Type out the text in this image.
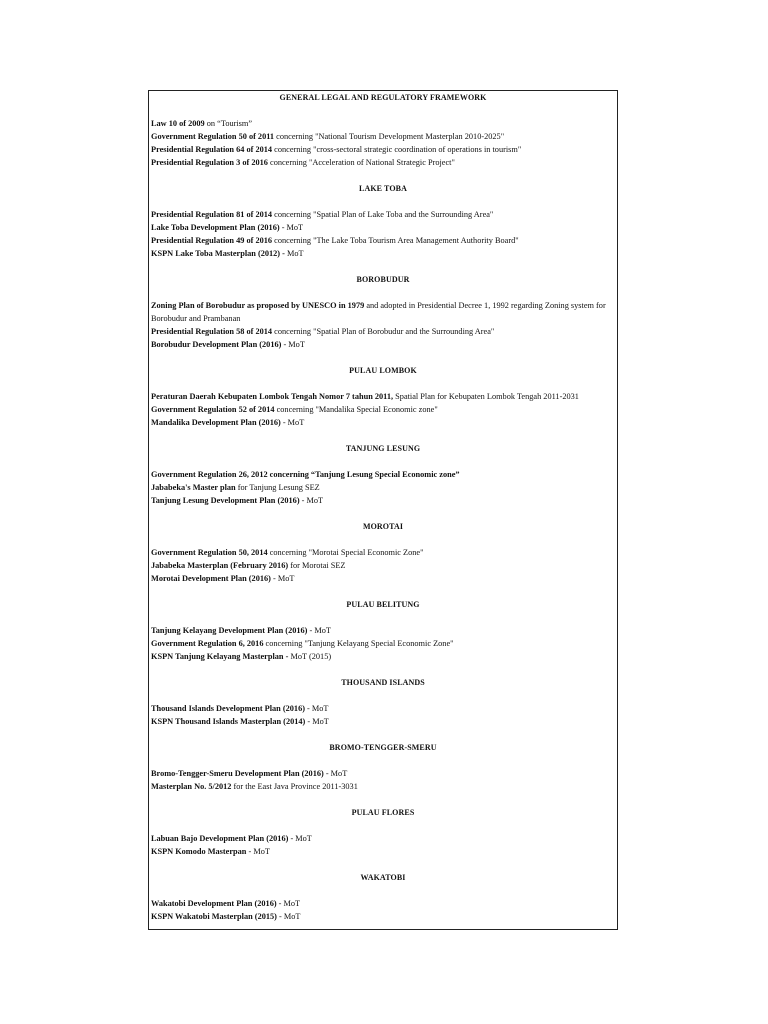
GENERAL LEGAL AND REGULATORY FRAMEWORK
Law 10 of 2009 on “Tourism”
Government Regulation 50 of 2011 concerning "National Tourism Development Masterplan 2010-2025"
Presidential Regulation 64 of 2014 concerning "cross-sectoral strategic coordination of operations in tourism"
Presidential Regulation 3 of 2016 concerning "Acceleration of National Strategic Project"
LAKE TOBA
Presidential Regulation 81 of 2014 concerning "Spatial Plan of Lake Toba and the Surrounding Area"
Lake Toba Development Plan (2016) - MoT
Presidential Regulation 49 of 2016 concerning "The Lake Toba Tourism Area Management Authority Board"
KSPN Lake Toba Masterplan (2012) - MoT
BOROBUDUR
Zoning Plan of Borobudur as proposed by UNESCO in 1979 and adopted in Presidential Decree 1, 1992 regarding Zoning system for Borobudur and Prambanan
Presidential Regulation 58 of 2014 concerning "Spatial Plan of Borobudur and the Surrounding Area"
Borobudur Development Plan (2016) - MoT
PULAU LOMBOK
Peraturan Daerah Kebupaten Lombok Tengah Nomor 7 tahun 2011, Spatial Plan for Kebupaten Lombok Tengah 2011-2031
Government Regulation 52 of 2014 concerning "Mandalika Special Economic zone"
Mandalika Development Plan (2016) - MoT
TANJUNG LESUNG
Government Regulation 26, 2012 concerning “Tanjung Lesung Special Economic zone”
Jababeka's Master plan for Tanjung Lesung SEZ
Tanjung Lesung Development Plan (2016) - MoT
MOROTAI
Government Regulation 50, 2014 concerning "Morotai Special Economic Zone"
Jababeka Masterplan (February 2016) for Morotai SEZ
Morotai Development Plan (2016) - MoT
PULAU BELITUNG
Tanjung Kelayang Development Plan (2016) - MoT
Government Regulation 6, 2016 concerning "Tanjung Kelayang Special Economic Zone"
KSPN Tanjung Kelayang Masterplan - MoT (2015)
THOUSAND ISLANDS
Thousand Islands Development Plan (2016) - MoT
KSPN Thousand Islands Masterplan (2014) - MoT
BROMO-TENGGER-SMERU
Bromo-Tengger-Smeru Development Plan (2016) - MoT
Masterplan No. 5/2012 for the East Java Province 2011-3031
PULAU FLORES
Labuan Bajo Development Plan (2016) - MoT
KSPN Komodo Masterpan - MoT
WAKATOBI
Wakatobi Development Plan (2016) - MoT
KSPN Wakatobi Masterplan (2015) - MoT
